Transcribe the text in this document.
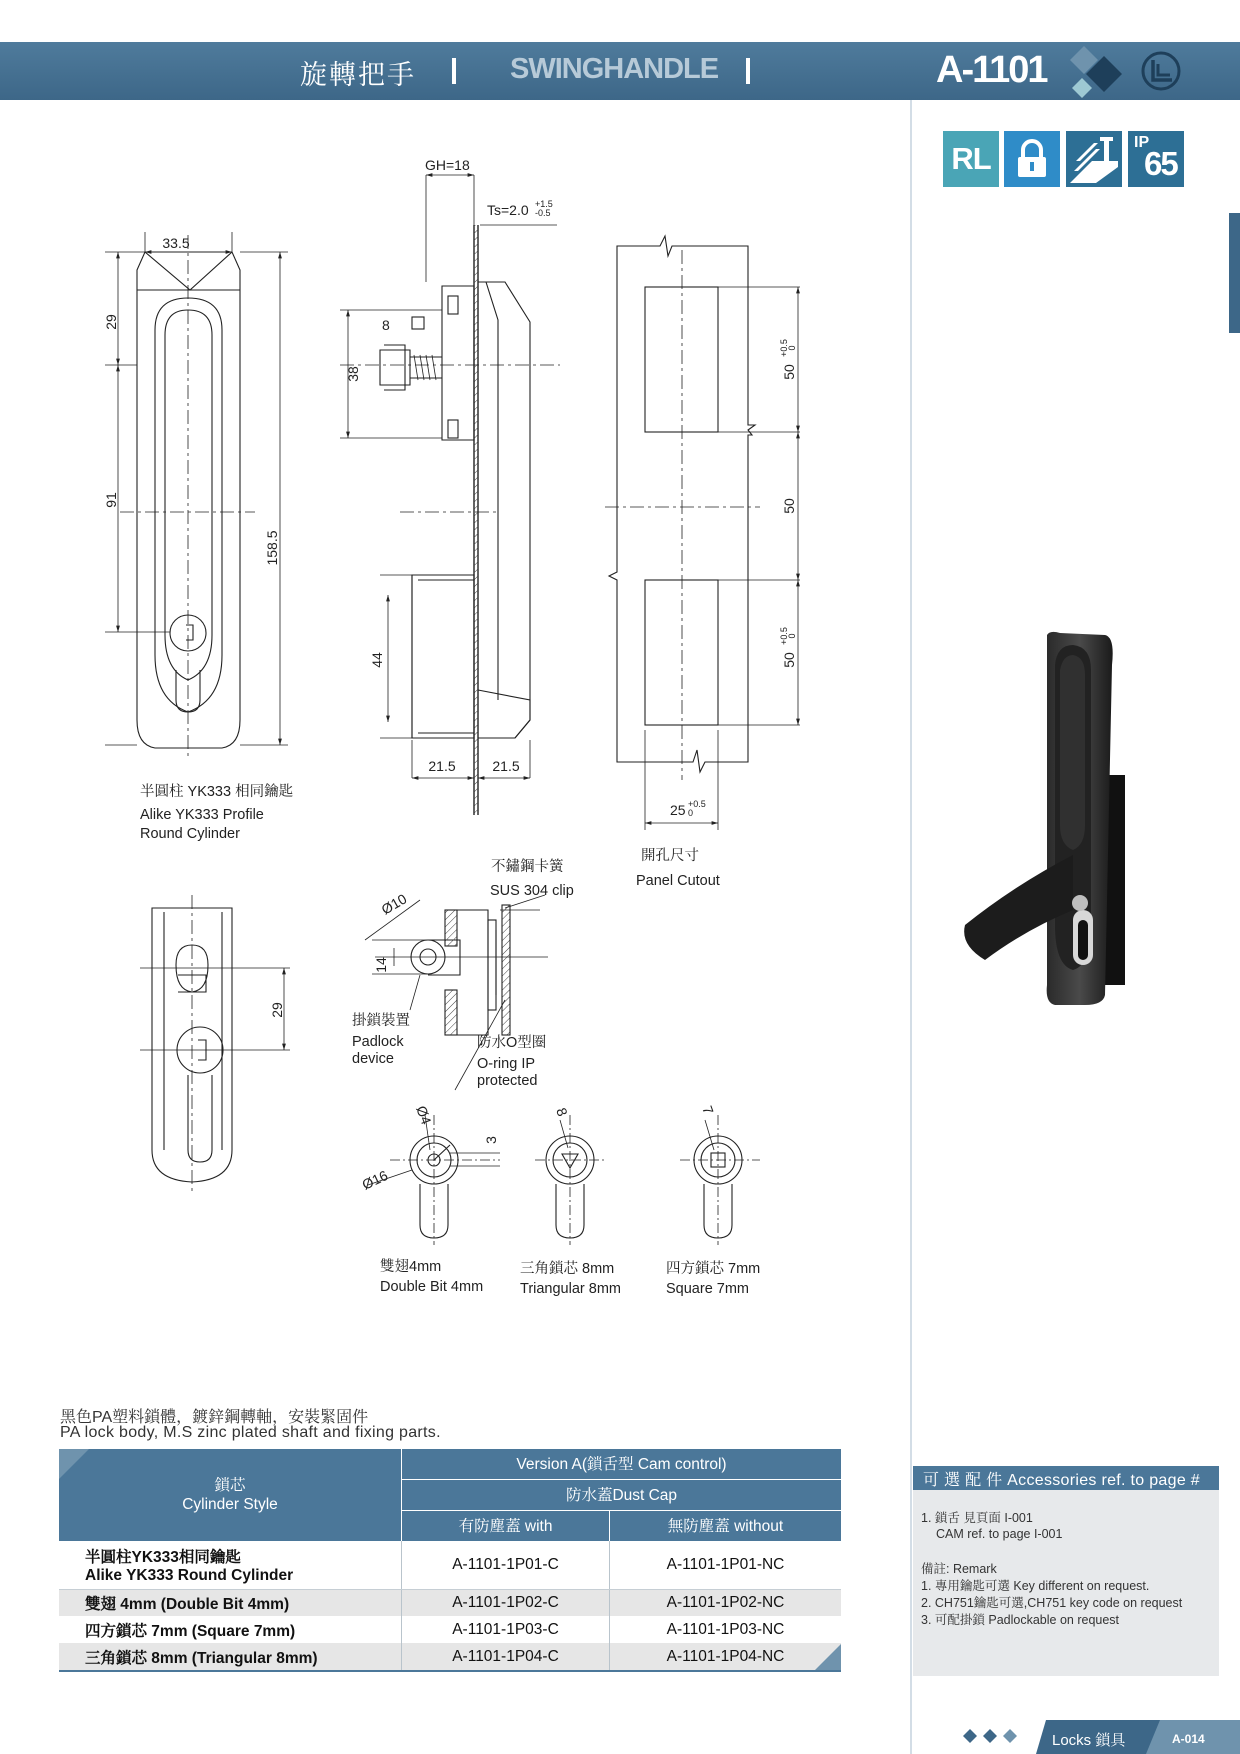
旋轉把手	SWINGHANDLE	A-1101
RL	IP
65
33.5
29
91
158.5
GH=18
Ts=2.0 +1.5
-0.5
8
38
44
21.5	21.5
50
+0.5
0
50
50
+0.5
0
25 +0.5
0
Ø10
14
29
Ø4
Ø16
3
8	7
半圓柱 YK333 相同鑰匙
Alike YK333 Profile
Round Cylinder
開孔尺寸
Panel Cutout
不鏽鋼卡簧
SUS 304 clip
掛鎖裝置
Padlock
device
防水O型圈
O-ring IP
protected
雙翅4mm
Double Bit 4mm
三角鎖芯 8mm
Triangular 8mm
四方鎖芯 7mm
Square 7mm
黑色PA塑料鎖體，鍍鋅鋼轉軸，安裝緊固件
PA lock body, M.S zinc plated shaft and fixing parts.
鎖芯
Cylinder Style
Version A(鎖舌型 Cam control)
防水蓋Dust Cap
有防塵蓋 with	無防塵蓋 without
半圓柱YK333相同鑰匙
Alike YK333 Round Cylinder
A-1101-1P01-C	A-1101-1P01-NC
雙翅 4mm (Double Bit 4mm)	A-1101-1P02-C	A-1101-1P02-NC
四方鎖芯 7mm (Square 7mm)	A-1101-1P03-C	A-1101-1P03-NC
三角鎖芯 8mm (Triangular 8mm)	A-1101-1P04-C	A-1101-1P04-NC
可 選 配 件 Accessories ref. to page #
1. 鎖舌 見頁面 I-001
CAM ref. to page I-001
備註: Remark
1. 專用鑰匙可選 Key different on request.
2. CH751鑰匙可選,CH751 key code on request
3. 可配掛鎖 Padlockable on request
Locks 鎖具	A-014
